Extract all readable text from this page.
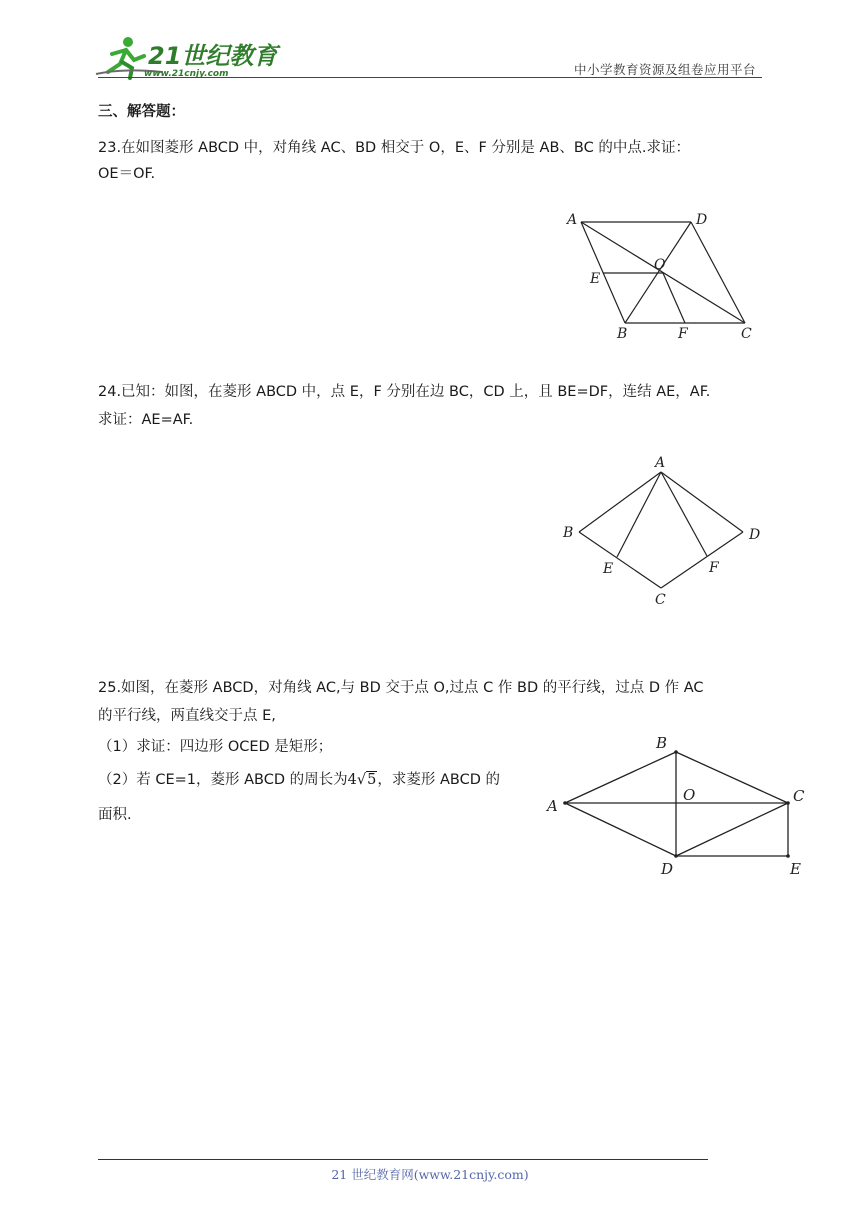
21世纪教育
www.21cnjy.com	中小学教育资源及组卷应用平台
三、解答题：
23.在如图菱形 ABCD 中，对角线 AC、BD 相交于 O，E、F 分别是 AB、BC 的中点.求证：
OE＝OF.
A	D
O
E
B	F	C
24.已知：如图，在菱形 ABCD 中，点 E，F 分别在边 BC，CD 上，且 BE=DF，连结 AE，AF.
求证：AE=AF.
A
B	D
E	F
C
25.如图，在菱形 ABCD，对角线 AC,与 BD 交于点 O,过点 C 作 BD 的平行线，过点 D 作 AC
的平行线，两直线交于点 E,
（1）求证：四边形 OCED 是矩形；
（2）若 CE=1，菱形 ABCD 的周长为4√5，求菱形 ABCD 的
面积.	A
B
O	C
D	E
21 世纪教育网(www.21cnjy.com)
